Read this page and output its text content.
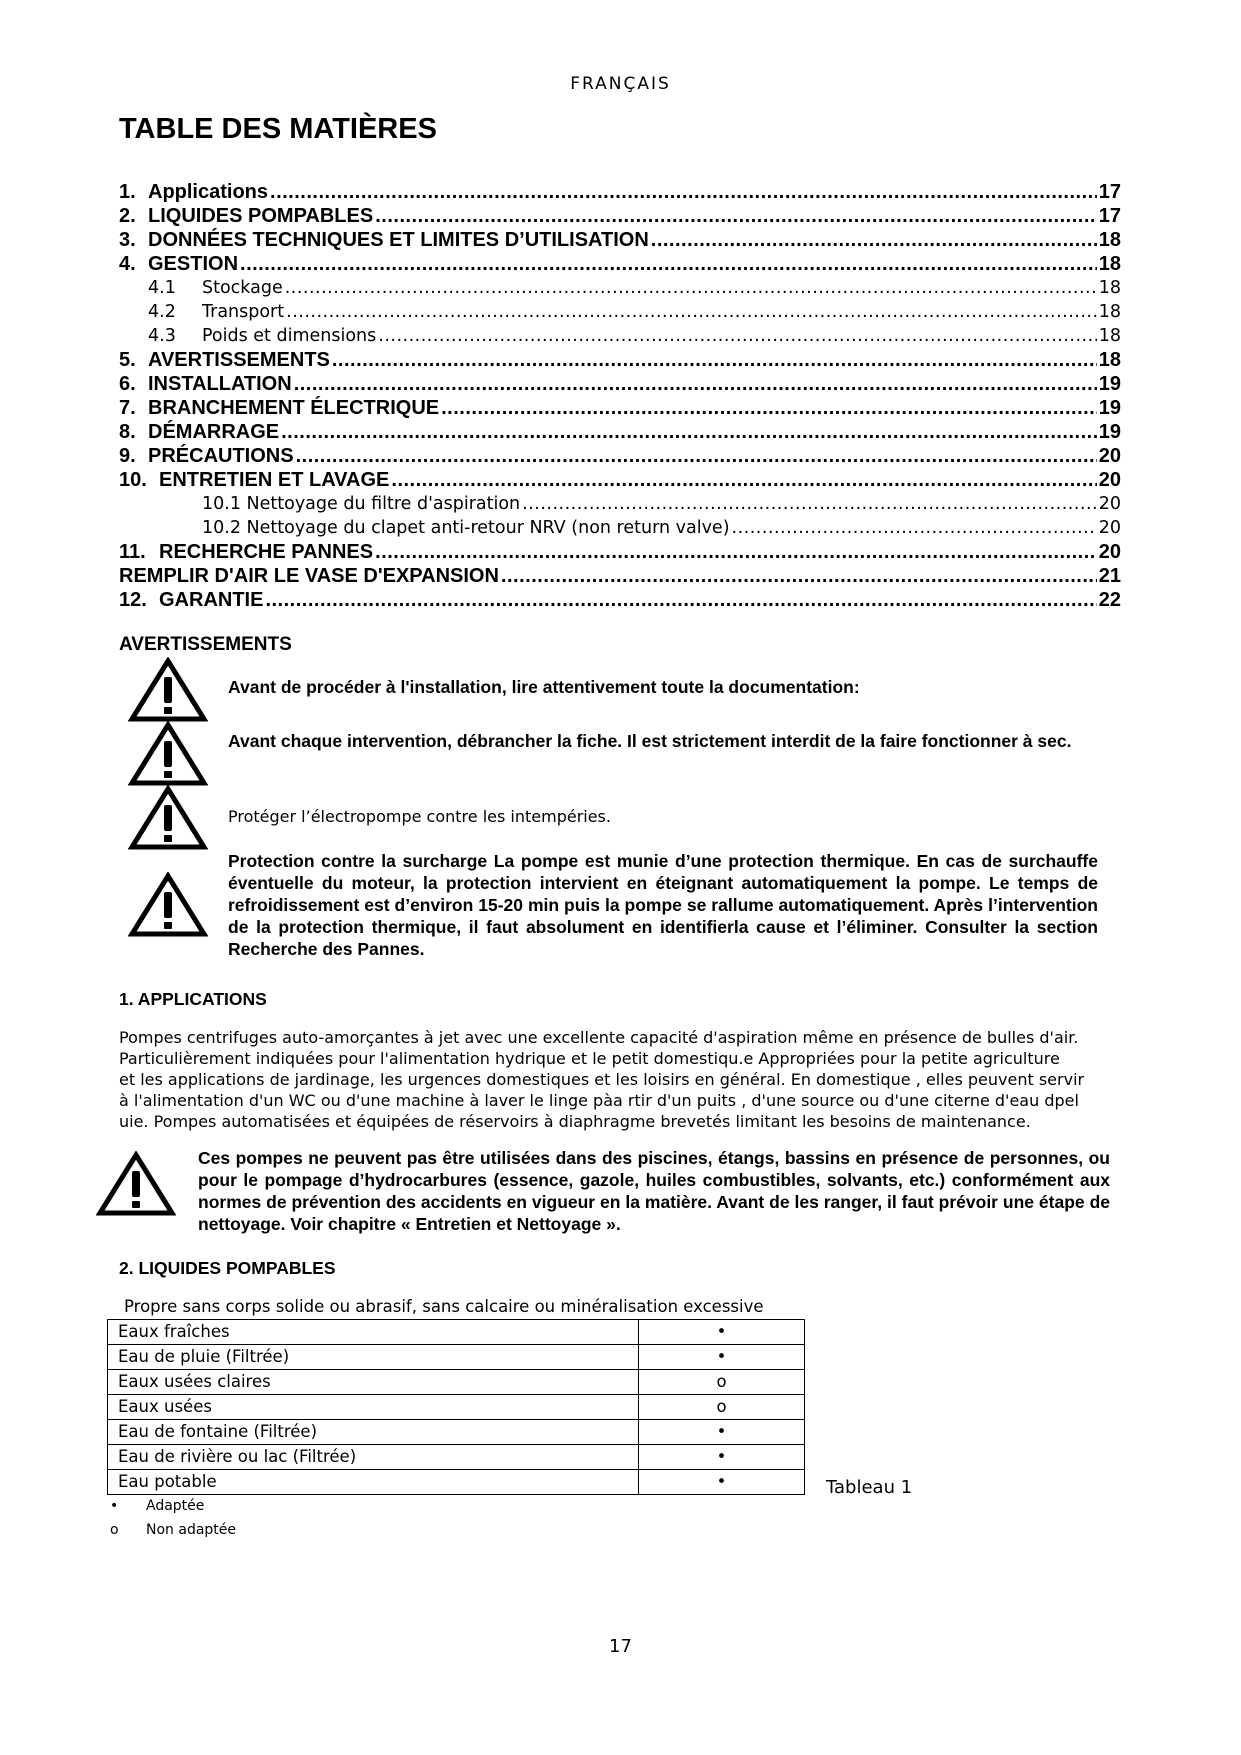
FRANÇAIS
TABLE DES MATIÈRES
1. Applications .....	17
2. LIQUIDES POMPABLES .....	17
3. DONNÉES TECHNIQUES ET LIMITES D’UTILISATION .....	18
4. GESTION .....	18
4.1	Stockage .....	18
4.2	Transport .....	18
4.3	Poids et dimensions .....	18
5. AVERTISSEMENTS .....	18
6. INSTALLATION .....	19
7. BRANCHEMENT ÉLECTRIQUE .....	19
8. DÉMARRAGE .....	19
9. PRÉCAUTIONS .....	20
10. ENTRETIEN ET LAVAGE .....	20
10.1 Nettoyage du filtre d'aspiration .....	20
10.2 Nettoyage du clapet anti-retour NRV (non return valve) .....	20
11. RECHERCHE PANNES .....	20
REMPLIR D'AIR LE VASE D'EXPANSION .....	21
12. GARANTIE .....	22
AVERTISSEMENTS
Avant de procéder à l'installation, lire attentivement toute la documentation:
Avant chaque intervention, débrancher la fiche. Il est strictement interdit de la faire fonctionner à sec.
Protéger l’électropompe contre les intempéries.
Protection contre la surcharge La pompe est munie d’une protection thermique. En cas de surchauffe éventuelle du moteur, la protection intervient en éteignant automatiquement la pompe. Le temps de refroidissement est d’environ 15-20 min puis la pompe se rallume automatiquement. Après l’intervention de la protection thermique, il faut absolument en identifierla cause et l’éliminer. Consulter la section Recherche des Pannes.
1. APPLICATIONS
Pompes centrifuges auto-amorçantes à jet avec une excellente capacité d'aspiration même en présence de bulles d'air.
Particulièrement indiquées pour l'alimentation hydrique et le petit domestiqu.e Appropriées pour la petite agriculture
et les applications de jardinage, les urgences domestiques et les loisirs en général. En domestique , elles peuvent servir
à l'alimentation d'un WC ou d'une machine à laver le linge pàa rtir d'un puits , d'une source ou d'une citerne d'eau dpel
uie. Pompes automatisées et équipées de réservoirs à diaphragme brevetés limitant les besoins de maintenance.
Ces pompes ne peuvent pas être utilisées dans des piscines, étangs, bassins en présence de personnes, ou pour le pompage d’hydrocarbures (essence, gazole, huiles combustibles, solvants, etc.) conformément aux normes de prévention des accidents en vigueur en la matière. Avant de les ranger, il faut prévoir une étape de nettoyage. Voir chapitre « Entretien et Nettoyage ».
2. LIQUIDES POMPABLES
Propre sans corps solide ou abrasif, sans calcaire ou minéralisation excessive
Eaux fraîches	•
Eau de pluie (Filtrée)	•
Eaux usées claires	o
Eaux usées	o
Eau de fontaine (Filtrée)	•
Eau de rivière ou lac (Filtrée)	•
Eau potable	•	Tableau 1
• Adaptée
o Non adaptée
17
